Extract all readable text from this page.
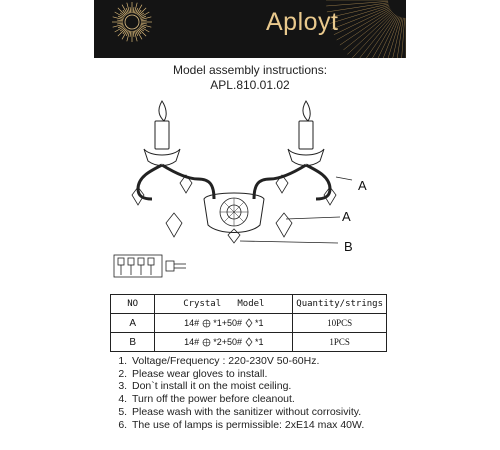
Aployt
Model assembly instructions:
APL.810.01.02
A
A
B
NO	Crystal   Model	Quantity/strings
A	14# *1+50# *1	10PCS
B	14# *2+50# *1	1PCS
1. Voltage/Frequency : 220-230V 50-60Hz.
2. Please wear gloves to install.
3. Don`t install it on the moist ceiling.
4. Turn off the power before cleanout.
5. Please wash with the sanitizer without corrosivity.
6. The use of lamps is permissible: 2xE14 max 40W.
